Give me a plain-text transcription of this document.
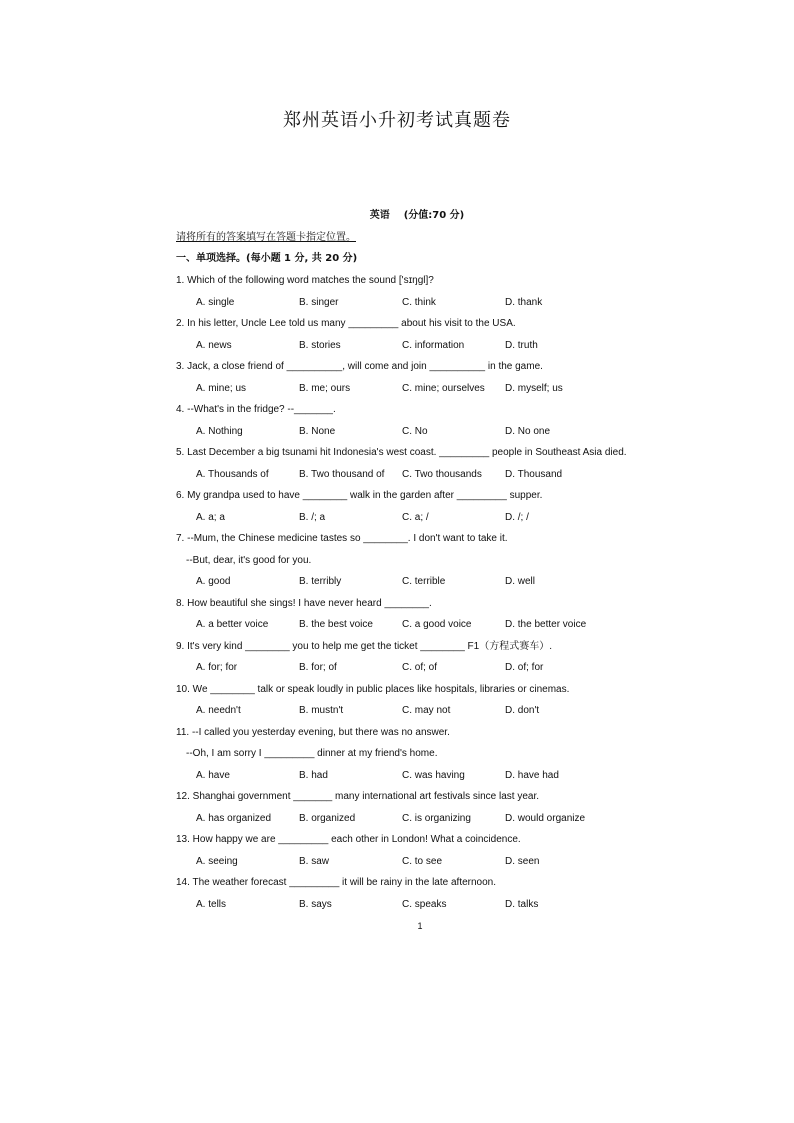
郑州英语小升初考试真题卷
英语 (分值:70 分)
请将所有的答案填写在答题卡指定位置。
一、单项选择。(每小题 1 分, 共 20 分)
1. Which of the following word matches the sound ['sɪŋgl]?
A. single	B. singer	C. think	D. thank
2. In his letter, Uncle Lee told us many _________ about his visit to the USA.
A. news	B. stories	C. information	D. truth
3. Jack, a close friend of __________, will come and join __________ in the game.
A. mine; us	B. me; ours	C. mine; ourselves	D. myself; us
4. --What's in the fridge? --_______.
A. Nothing	B. None	C. No	D. No one
5. Last December a big tsunami hit Indonesia's west coast. _________ people in Southeast Asia died.
A. Thousands of	B. Two thousand of	C. Two thousands	D. Thousand
6. My grandpa used to have ________ walk in the garden after _________ supper.
A. a; a	B. /; a	C. a; /	D. /; /
7. --Mum, the Chinese medicine tastes so ________. I don't want to take it.
--But, dear, it's good for you.
A. good	B. terribly	C. terrible	D. well
8. How beautiful she sings! I have never heard ________.
A. a better voice	B. the best voice	C. a good voice	D. the better voice
9. It's very kind ________ you to help me get the ticket ________ F1（方程式赛车）.
A. for; for	B. for; of	C. of; of	D. of; for
10. We ________ talk or speak loudly in public places like hospitals, libraries or cinemas.
A. needn't	B. mustn't	C. may not	D. don't
11. --I called you yesterday evening, but there was no answer.
--Oh, I am sorry I _________ dinner at my friend's home.
A. have	B. had	C. was having	D. have had
12. Shanghai government _______ many international art festivals since last year.
A. has organized	B. organized	C. is organizing	D. would organize
13. How happy we are _________ each other in London! What a coincidence.
A. seeing	B. saw	C. to see	D. seen
14. The weather forecast _________ it will be rainy in the late afternoon.
A. tells	B. says	C. speaks	D. talks
1
